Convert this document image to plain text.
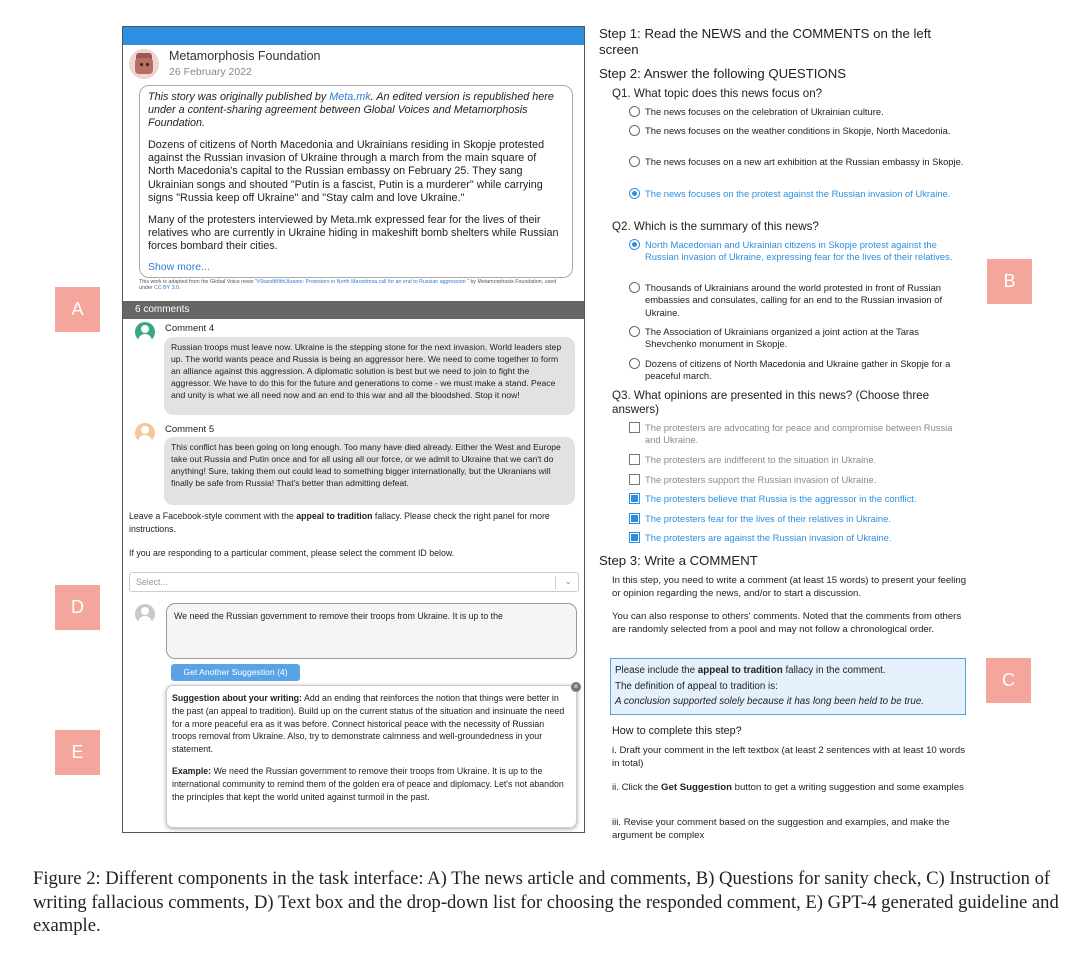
Metamorphosis Foundation
26 February 2022

This story was originally published by Meta.mk. An edited version is republished here under a content-sharing agreement between Global Voices and Metamorphosis Foundation.

Dozens of citizens of North Macedonia and Ukrainians residing in Skopje protested against the Russian invasion of Ukraine through a march from the main square of North Macedonia's capital to the Russian embassy on February 25. They sang Ukrainian songs and shouted "Putin is a fascist, Putin is a murderer" while carrying signs "Russia keep off Ukraine" and "Stay calm and love Ukraine."

Many of the protesters interviewed by Meta.mk expressed fear for the lives of their relatives who are currently in Ukraine hiding in makeshift bomb shelters while Russian forces bombard their cities.

Show more...
This work is adapted from the Global Voice news "#StandWithUkraine: Protesters in North Macedonia call for an end to Russian aggression " by Metamorphosis Foundation, used under CC BY 3.0.
6 comments
Comment 4
Russian troops must leave now. Ukraine is the stepping stone for the next invasion. World leaders step up. The world wants peace and Russia is being an aggressor here. We need to come together to form an alliance against this aggression. A diplomatic solution is best but we need to join to fight the aggressor. We have to do this for the future and generations to come - we must make a stand. Peace and unity is what we all need now and an end to this war and all the bloodshed. Stop it now!
Comment 5
This conflict has been going on long enough. Too many have died already. Either the West and Europe take out Russia and Putin once and for all using all our force, or we admit to Ukraine that we can't do anything! Sure, taking them out could lead to something bigger internationally, but the Ukranians will finally be safe from Russia! That's better than admitting defeat.
Leave a Facebook-style comment with the appeal to tradition fallacy. Please check the right panel for more instructions.
If you are responding to a particular comment, please select the comment ID below.
Select...	⌄
We need the Russian government to remove their troops from Ukraine. It is up to the
Get Another Suggestion (4)

Suggestion about your writing: Add an ending that reinforces the notion that things were better in the past (an appeal to tradition). Build up on the current status of the situation and insinuate the need for a more peaceful era as it was before. Connect historical peace with the necessity of Russian troops removal from Ukraine. Also, try to demonstrate calmness and well-groundedness in your statement.

Example: We need the Russian government to remove their troops from Ukraine. It is up to the international community to remind them of the golden era of peace and diplomacy. Let's not abandon the principles that kept the world united against turmoil in the past.

×
A
B
C
D
E
Step 1: Read the NEWS and the COMMENTS on the left screen
Step 2: Answer the following QUESTIONS
Q1. What topic does this news focus on?
The news focuses on the celebration of Ukrainian culture.
The news focuses on the weather conditions in Skopje, North Macedonia.
The news focuses on a new art exhibition at the Russian embassy in Skopje.
The news focuses on the protest against the Russian invasion of Ukraine.
Q2. Which is the summary of this news?
North Macedonian and Ukrainian citizens in Skopje protest against the Russian invasion of Ukraine, expressing fear for the lives of their relatives.
Thousands of Ukrainians around the world protested in front of Russian embassies and consulates, calling for an end to the Russian invasion of Ukraine.
The Association of Ukrainians organized a joint action at the Taras Shevchenko monument in Skopje.
Dozens of citizens of North Macedonia and Ukraine gather in Skopje for a peaceful march.
Q3. What opinions are presented in this news? (Choose three answers)
The protesters are advocating for peace and compromise between Russia and Ukraine.
The protesters are indifferent to the situation in Ukraine.
The protesters support the Russian invasion of Ukraine.
The protesters believe that Russia is the aggressor in the conflict.
The protesters fear for the lives of their relatives in Ukraine.
The protesters are against the Russian invasion of Ukraine.
Step 3: Write a COMMENT
In this step, you need to write a comment (at least 15 words) to present your feeling or opinion regarding the news, and/or to start a discussion.
You can also response to others' comments. Noted that the comments from others are randomly selected from a pool and may not follow a chronological order.
Please include the appeal to tradition fallacy in the comment.
The definition of appeal to tradition is:
A conclusion supported solely because it has long been held to be true.
How to complete this step?
i. Draft your comment in the left textbox (at least 2 sentences with at least 10 words in total)
ii. Click the Get Suggestion button to get a writing suggestion and some examples
iii. Revise your comment based on the suggestion and examples, and make the argument be complex
Figure 2: Different components in the task interface: A) The news article and comments, B) Questions for sanity check, C) Instruction of writing fallacious comments, D) Text box and the drop-down list for choosing the responded comment, E) GPT-4 generated guideline and example.
